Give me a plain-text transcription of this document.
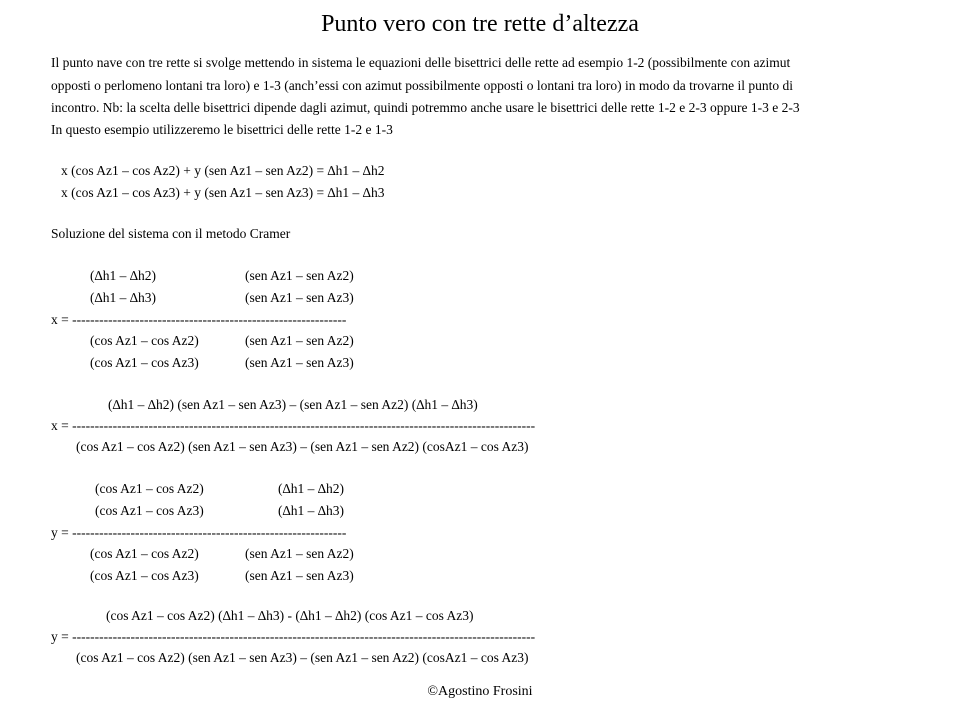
Punto vero con tre rette d’altezza
Il punto nave con tre rette si svolge mettendo in sistema le equazioni delle bisettrici delle rette ad esempio 1-2 (possibilmente con azimut
opposti o perlomeno lontani tra loro) e 1-3 (anch’essi con azimut possibilmente opposti o lontani tra loro) in modo da trovarne il punto di
incontro. Nb: la scelta delle bisettrici dipende dagli azimut, quindi potremmo anche usare le bisettrici delle rette 1-2 e 2-3 oppure 1-3 e 2-3
In questo esempio utilizzeremo le bisettrici delle rette 1-2 e 1-3
x (cos Az1 – cos Az2) + y (sen Az1 – sen Az2) = ∆h1 – ∆h2
x (cos Az1 – cos Az3) + y (sen Az1 – sen Az3) = ∆h1 – ∆h3
Soluzione del sistema con il metodo Cramer
(∆h1 – ∆h2)	(sen Az1 – sen Az2)
(∆h1 – ∆h3)	(sen Az1 – sen Az3)
x = -------------------------------------------------------------
(cos Az1 – cos Az2)	(sen Az1 – sen Az2)
(cos Az1 – cos Az3)	(sen Az1 – sen Az3)
(∆h1 – ∆h2) (sen Az1 – sen Az3) – (sen Az1 – sen Az2) (∆h1 – ∆h3)
x = -------------------------------------------------------------------------------------------------------
(cos Az1 – cos Az2) (sen Az1 – sen Az3) – (sen Az1 – sen Az2) (cosAz1 – cos Az3)
(cos Az1 – cos Az2)	(∆h1 – ∆h2)
(cos Az1 – cos Az3)	(∆h1 – ∆h3)
y = -------------------------------------------------------------
(cos Az1 – cos Az2)	(sen Az1 – sen Az2)
(cos Az1 – cos Az3)	(sen Az1 – sen Az3)
(cos Az1 – cos Az2) (∆h1 – ∆h3) - (∆h1 – ∆h2) (cos Az1 – cos Az3)
y = -------------------------------------------------------------------------------------------------------
(cos Az1 – cos Az2) (sen Az1 – sen Az3) – (sen Az1 – sen Az2) (cosAz1 – cos Az3)
©Agostino Frosini
